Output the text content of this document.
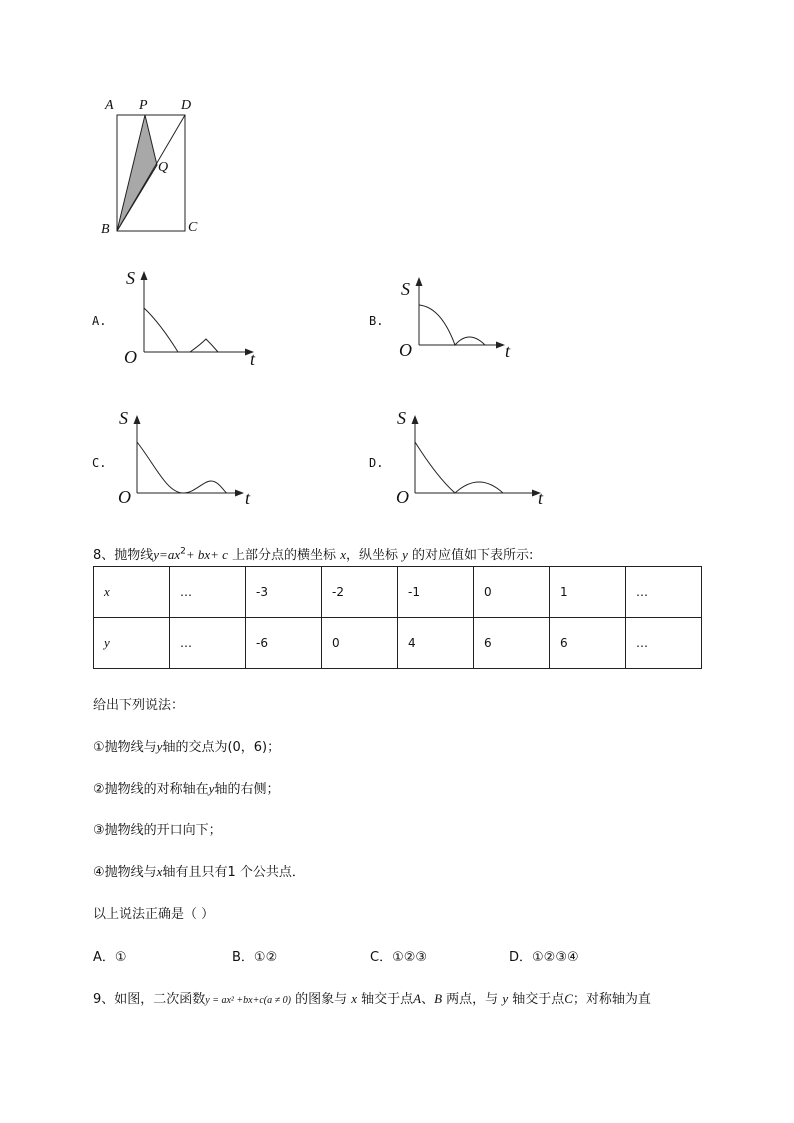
A P D
Q
B	C
A.
S
O	t
B.
S
O	t
C.
S
O	t
D.
S
O	t
8、抛物线$y=ax^2+ bx+ c$ 上部分点的横坐标 x，纵坐标 y 的对应值如下表所示:
x	…	-3	-2	-1	0	1	…
y	…	-6	0	4	6	6	…
给出下列说法：
①抛物线与y轴的交点为(0，6)；
②抛物线的对称轴在y轴的右侧；
③抛物线的开口向下；
④抛物线与x轴有且只有1 个公共点．
以上说法正确是（ ）
A．①	B．①②	C．①②③	D．①②③④
9、如图，二次函数y = ax² +bx+c(a ≠ 0) 的图象与 x 轴交于点A、B 两点，与 y 轴交于点C；对称轴为直
